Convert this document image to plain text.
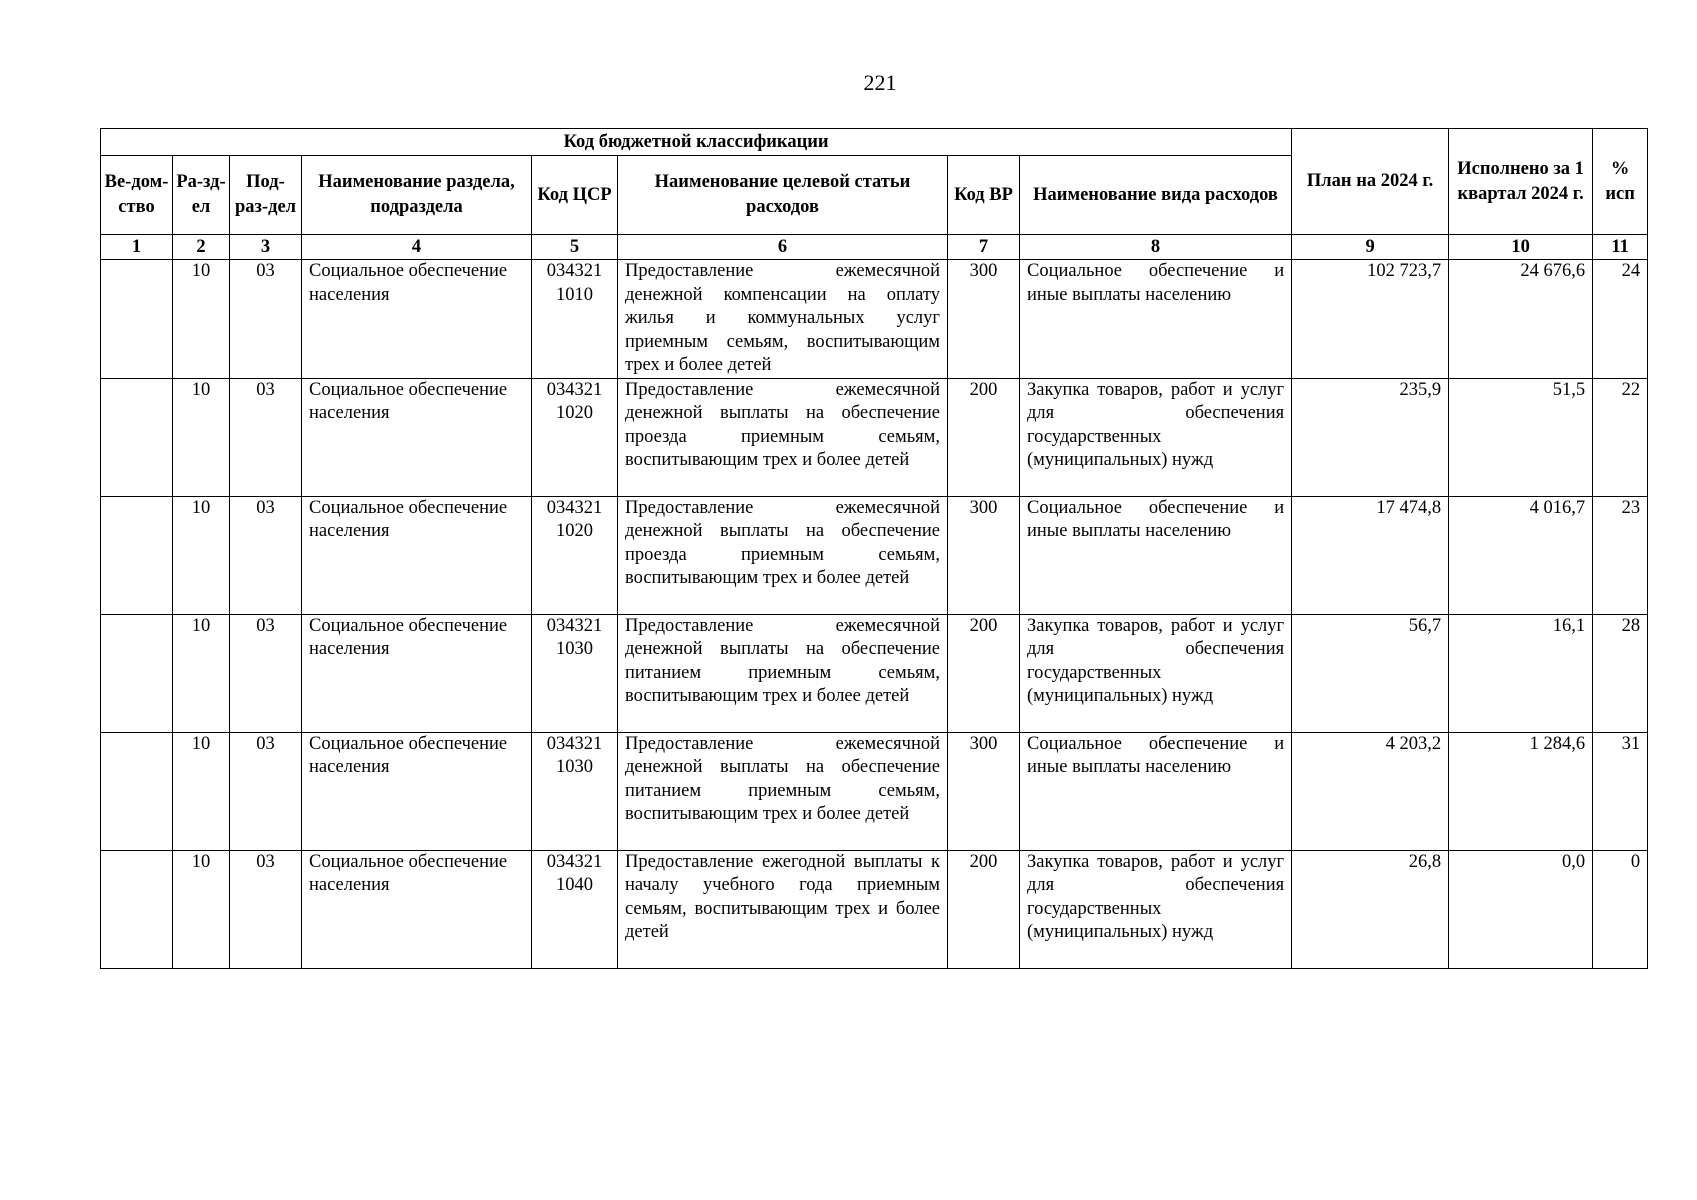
221
Код бюджетной классификации								План на 2024 г.	Исполнено за 1 квартал 2024 г.	% исп
Ве-дом-ство	Ра-зд-ел	Под-раз-дел	Наименование раздела, подраздела	Код ЦСР	Наименование целевой статьи расходов	Код ВР	Наименование вида расходов			
1	2	3	4	5	6	7	8	9	10	11
	10	03	Социальное обеспечение населения	034321 1010	Предоставление ежемесячной денежной компенсации на оплату жилья и коммунальных услуг приемным семьям, воспитывающим трех и более детей	300	Социальное обеспечение и иные выплаты населению	102 723,7	24 676,6	24
	10	03	Социальное обеспечение населения	034321 1020	Предоставление ежемесячной денежной выплаты на обеспечение проезда приемным семьям, воспитывающим трех и более детей	200	Закупка товаров, работ и услуг для обеспечения государственных (муниципальных) нужд	235,9	51,5	22
	10	03	Социальное обеспечение населения	034321 1020	Предоставление ежемесячной денежной выплаты на обеспечение проезда приемным семьям, воспитывающим трех и более детей	300	Социальное обеспечение и иные выплаты населению	17 474,8	4 016,7	23
	10	03	Социальное обеспечение населения	034321 1030	Предоставление ежемесячной денежной выплаты на обеспечение питанием приемным семьям, воспитывающим трех и более детей	200	Закупка товаров, работ и услуг для обеспечения государственных (муниципальных) нужд	56,7	16,1	28
	10	03	Социальное обеспечение населения	034321 1030	Предоставление ежемесячной денежной выплаты на обеспечение питанием приемным семьям, воспитывающим трех и более детей	300	Социальное обеспечение и иные выплаты населению	4 203,2	1 284,6	31
	10	03	Социальное обеспечение населения	034321 1040	Предоставление ежегодной выплаты к началу учебного года приемным семьям, воспитывающим трех и более детей	200	Закупка товаров, работ и услуг для обеспечения государственных (муниципальных) нужд	26,8	0,0	0
